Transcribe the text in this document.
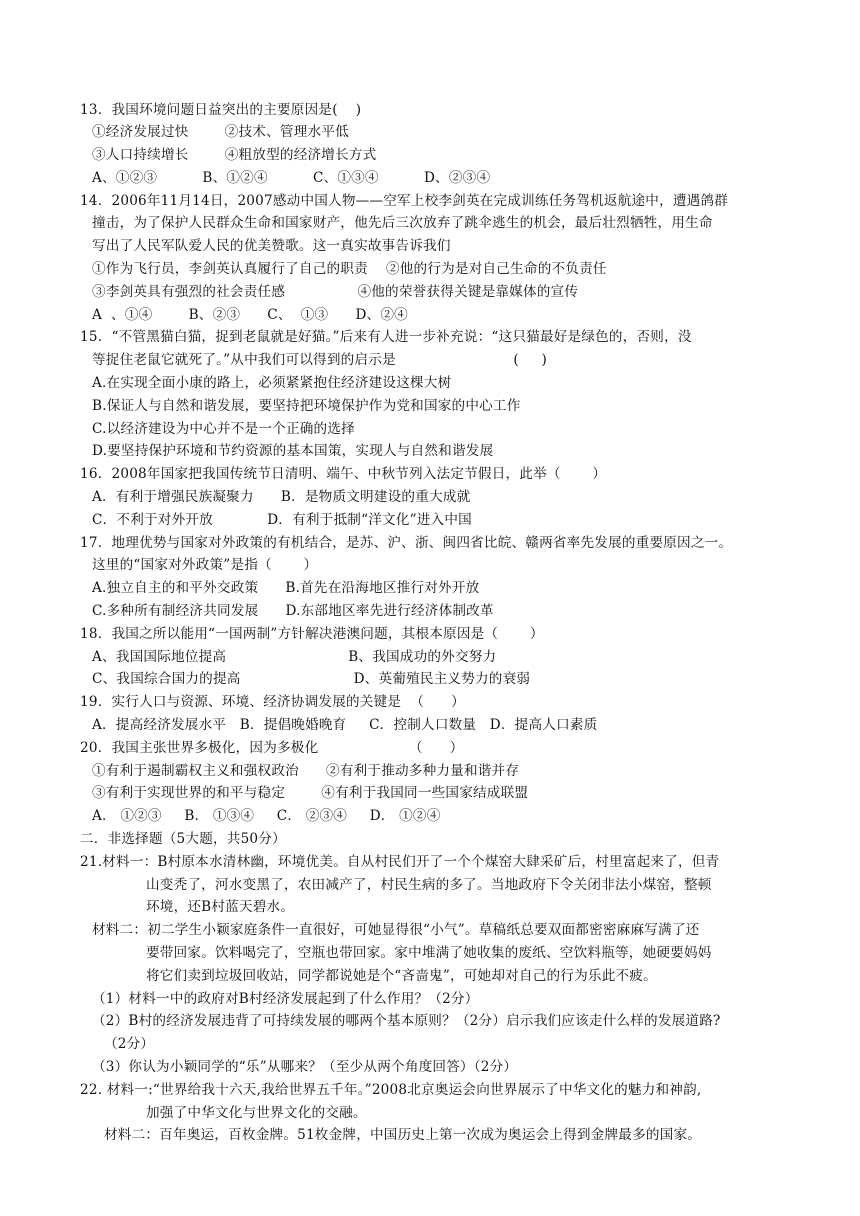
13．我国环境问题日益突出的主要原因是(    )
①经济发展过快        ②技术、管理水平低
③人口持续增长        ④粗放型的经济增长方式
A、①②③          B、①②④          C、①③④          D、②③④
14．2006年11月14日，2007感动中国人物——空军上校李剑英在完成训练任务驾机返航途中，遭遇鸽群
撞击，为了保护人民群众生命和国家财产，他先后三次放弃了跳伞逃生的机会，最后壮烈牺牲，用生命
写出了人民军队爱人民的优美赞歌。这一真实故事告诉我们
①作为飞行员，李剑英认真履行了自己的职责    ②他的行为是对自己生命的不负责任
③李剑英具有强烈的社会责任感                ④他的荣誉获得关键是靠媒体的宣传
A  、①④        B、②③      C、  ①③      D、②④
15．“不管黑猫白猫，捉到老鼠就是好猫。”后来有人进一步补充说：“这只猫最好是绿色的，否则，没
等捉住老鼠它就死了。”从中我们可以得到的启示是                          (     )
A.在实现全面小康的路上，必须紧紧抱住经济建设这棵大树
B.保证人与自然和谐发展，要坚持把环境保护作为党和国家的中心工作
C.以经济建设为中心并不是一个正确的选择
D.要坚持保护环境和节约资源的基本国策，实现人与自然和谐发展
16．2008年国家把我国传统节日清明、端午、中秋节列入法定节假日，此举（       ）
A．有利于增强民族凝聚力      B．是物质文明建设的重大成就
C．不利于对外开放            D．有利于抵制“洋文化”进入中国
17．地理优势与国家对外政策的有机结合，是苏、沪、浙、闽四省比皖、赣两省率先发展的重要原因之一。
这里的“国家对外政策”是指（       ）
A.独立自主的和平外交政策      B.首先在沿海地区推行对外开放
C.多种所有制经济共同发展      D.东部地区率先进行经济体制改革
18．我国之所以能用“一国两制”方针解决港澳问题，其根本原因是（       ）
A、我国国际地位提高                           B、我国成功的外交努力
C、我国综合国力的提高                         D、英葡殖民主义势力的衰弱
19．实行人口与资源、环境、经济协调发展的关键是  （      ）
A．提高经济发展水平   B．提倡晚婚晚育     C．控制人口数量   D．提高人口素质
20．我国主张世界多极化，因为多极化                    （      ）
①有利于遏制霸权主义和强权政治      ②有利于推动多种力量和谐并存
③有利于实现世界的和平与稳定        ④有利于我国同一些国家结成联盟
A． ①②③     B． ①③④     C． ②③④     D． ①②④
二．非选择题（5大题，共50分）
21.材料一：B村原本水清林幽，环境优美。自从村民们开了一个个煤窑大肆采矿后，村里富起来了，但青
山变秃了，河水变黑了，农田减产了，村民生病的多了。当地政府下令关闭非法小煤窑，整顿
环境，还B村蓝天碧水。
材料二：初二学生小颖家庭条件一直很好，可她显得很“小气”。草稿纸总要双面都密密麻麻写满了还
要带回家。饮料喝完了，空瓶也带回家。家中堆满了她收集的废纸、空饮料瓶等，她硬要妈妈
将它们卖到垃圾回收站，同学都说她是个“吝啬鬼”，可她却对自己的行为乐此不疲。
（1）材料一中的政府对B村经济发展起到了什么作用？（2分）
（2）B村的经济发展违背了可持续发展的哪两个基本原则？（2分）启示我们应该走什么样的发展道路?
（2分）
（3）你认为小颖同学的“乐”从哪来？（至少从两个角度回答）（2分）
22. 材料一:“世界给我十六天,我给世界五千年。”2008北京奥运会向世界展示了中华文化的魅力和神韵,
加强了中华文化与世界文化的交融。
材料二：百年奥运，百枚金牌。51枚金牌，中国历史上第一次成为奥运会上得到金牌最多的国家。
